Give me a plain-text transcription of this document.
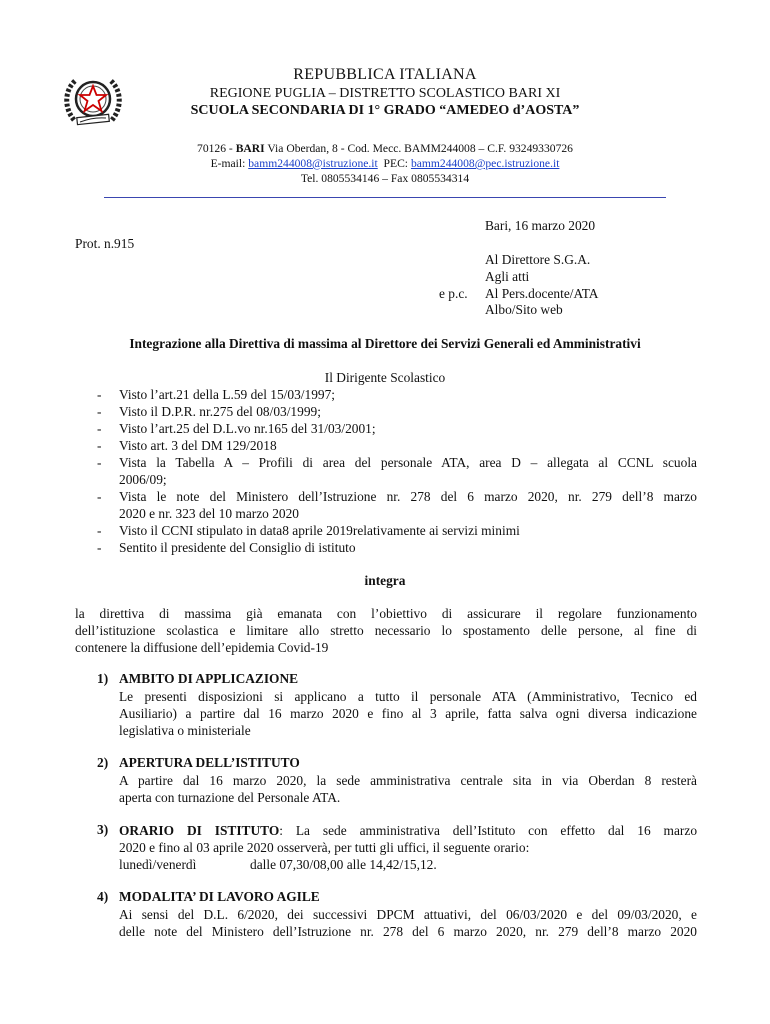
REPUBBLICA ITALIANA
REGIONE PUGLIA – DISTRETTO SCOLASTICO BARI XI
SCUOLA SECONDARIA DI 1° GRADO “AMEDEO d’AOSTA”
70126 - BARI Via Oberdan, 8 - Cod. Mecc. BAMM244008 – C.F. 93249330726
E-mail: bamm244008@istruzione.it  PEC: bamm244008@pec.istruzione.it
Tel. 0805534146 – Fax 0805534314
Bari, 16 marzo 2020
Prot. n.915
Al Direttore S.G.A.
Agli atti
e p.c. Al Pers.docente/ATA
Albo/Sito web
Integrazione alla Direttiva di massima al Direttore dei Servizi Generali ed Amministrativi
Il Dirigente Scolastico
- Visto l’art.21 della L.59 del 15/03/1997;
- Visto il D.P.R. nr.275 del 08/03/1999;
- Visto l’art.25 del D.L.vo nr.165 del 31/03/2001;
- Visto art. 3 del DM 129/2018
- Vista la Tabella A – Profili di area del personale ATA, area D – allegata al CCNL scuola
2006/09;
- Vista le note del Ministero dell’Istruzione nr. 278 del 6 marzo 2020, nr. 279 dell’8 marzo
2020 e nr. 323 del 10 marzo 2020
- Visto il CCNI stipulato in data8 aprile 2019relativamente ai servizi minimi
- Sentito il presidente del Consiglio di istituto
integra
la direttiva di massima già emanata con l’obiettivo di assicurare il regolare funzionamento
dell’istituzione scolastica e limitare allo stretto necessario lo spostamento delle persone, al fine di
contenere la diffusione dell’epidemia Covid-19
1) AMBITO DI APPLICAZIONE
Le presenti disposizioni si applicano a tutto il personale ATA (Amministrativo, Tecnico ed
Ausiliario) a partire dal 16 marzo 2020 e fino al 3 aprile, fatta salva ogni diversa indicazione
legislativa o ministeriale
2) APERTURA DELL’ISTITUTO
A partire dal 16 marzo 2020, la sede amministrativa centrale sita in via Oberdan 8 resterà
aperta con turnazione del Personale ATA.
3) ORARIO DI ISTITUTO: La sede amministrativa dell’Istituto con effetto dal 16 marzo
2020 e fino al 03 aprile 2020 osserverà, per tutti gli uffici, il seguente orario:
lunedì/venerdì	dalle 07,30/08,00 alle 14,42/15,12.
4) MODALITA’ DI LAVORO AGILE
Ai sensi del D.L. 6/2020, dei successivi DPCM attuativi, del 06/03/2020 e del 09/03/2020, e
delle note del Ministero dell’Istruzione nr. 278 del 6 marzo 2020, nr. 279 dell’8 marzo 2020
